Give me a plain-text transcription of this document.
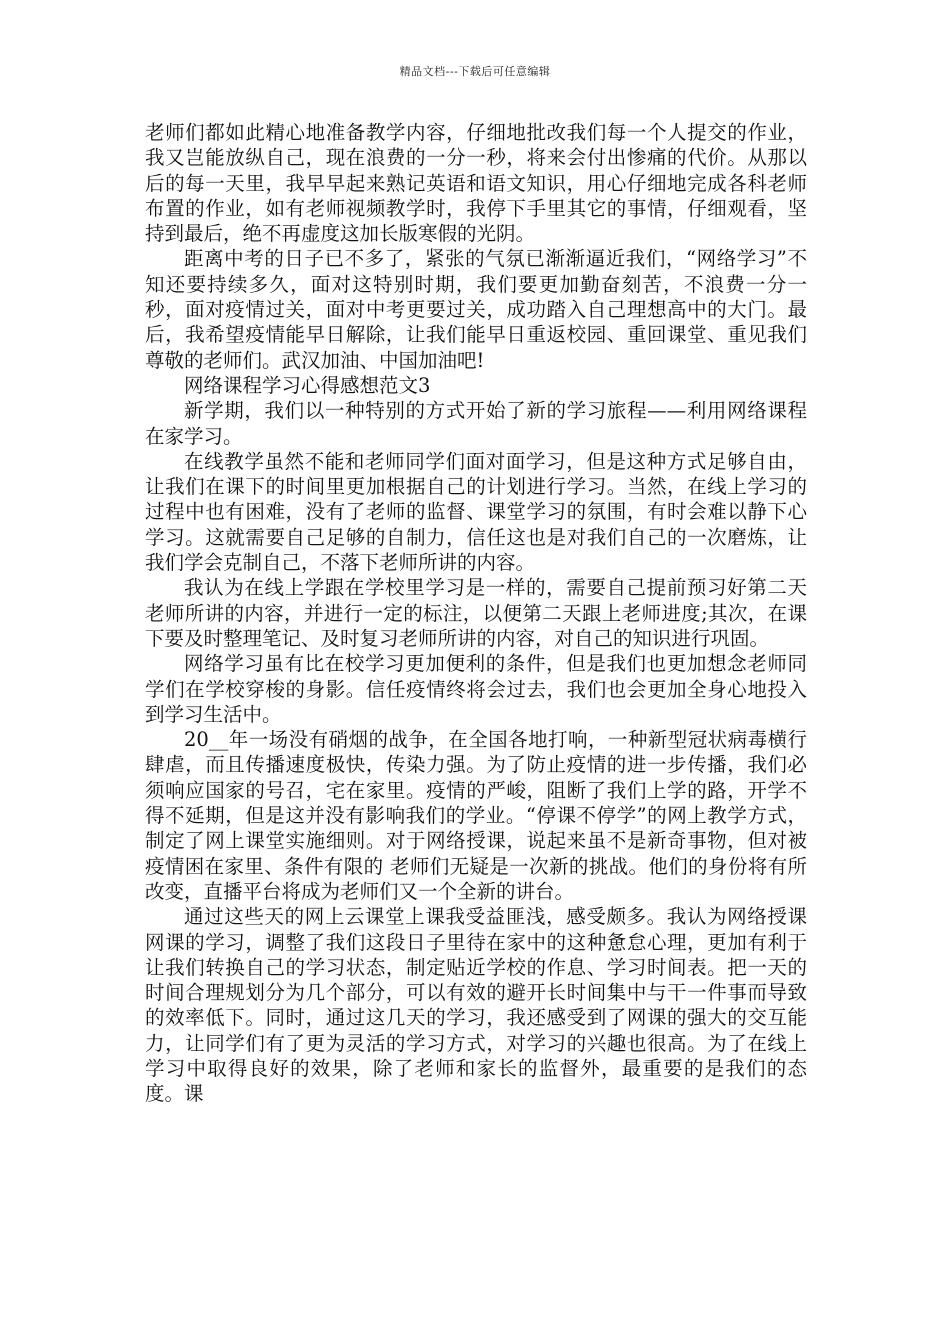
精品文档---下载后可任意编辑

老师们都如此精心地准备教学内容，仔细地批改我们每一个人提交的作业，我又岂能放纵自己，现在浪费的一分一秒，将来会付出惨痛的代价。从那以后的每一天里，我早早起来熟记英语和语文知识，用心仔细地完成各科老师布置的作业，如有老师视频教学时，我停下手里其它的事情，仔细观看，坚持到最后，绝不再虚度这加长版寒假的光阴。

距离中考的日子已不多了，紧张的气氛已渐渐逼近我们，“网络学习”不知还要持续多久，面对这特别时期，我们要更加勤奋刻苦，不浪费一分一秒，面对疫情过关，面对中考更要过关，成功踏入自己理想高中的大门。最后，我希望疫情能早日解除，让我们能早日重返校园、重回课堂、重见我们尊敬的老师们。武汉加油、中国加油吧!

网络课程学习心得感想范文3

新学期，我们以一种特别的方式开始了新的学习旅程——利用网络课程在家学习。

在线教学虽然不能和老师同学们面对面学习，但是这种方式足够自由，让我们在课下的时间里更加根据自己的计划进行学习。当然，在线上学习的过程中也有困难，没有了老师的监督、课堂学习的氛围，有时会难以静下心学习。这就需要自己足够的自制力，信任这也是对我们自己的一次磨炼，让我们学会克制自己，不落下老师所讲的内容。

我认为在线上学跟在学校里学习是一样的，需要自己提前预习好第二天老师所讲的内容，并进行一定的标注，以便第二天跟上老师进度;其次，在课下要及时整理笔记、及时复习老师所讲的内容，对自己的知识进行巩固。

网络学习虽有比在校学习更加便利的条件，但是我们也更加想念老师同学们在学校穿梭的身影。信任疫情终将会过去，我们也会更加全身心地投入到学习生活中。

20__年一场没有硝烟的战争，在全国各地打响，一种新型冠状病毒横行肆虐，而且传播速度极快，传染力强。为了防止疫情的进一步传播，我们必须响应国家的号召，宅在家里。疫情的严峻，阻断了我们上学的路，开学不得不延期，但是这并没有影响我们的学业。“停课不停学”的网上教学方式，制定了网上课堂实施细则。对于网络授课，说起来虽不是新奇事物，但对被疫情困在家里、条件有限的 老师们无疑是一次新的挑战。他们的身份将有所改变，直播平台将成为老师们又一个全新的讲台。

通过这些天的网上云课堂上课我受益匪浅，感受颇多。我认为网络授课网课的学习，调整了我们这段日子里待在家中的这种惫怠心理，更加有利于让我们转换自己的学习状态，制定贴近学校的作息、学习时间表。把一天的时间合理规划分为几个部分，可以有效的避开长时间集中与干一件事而导致的效率低下。同时，通过这几天的学习，我还感受到了网课的强大的交互能力，让同学们有了更为灵活的学习方式，对学习的兴趣也很高。为了在线上学习中取得良好的效果，除了老师和家长的监督外，最重要的是我们的态度。课
